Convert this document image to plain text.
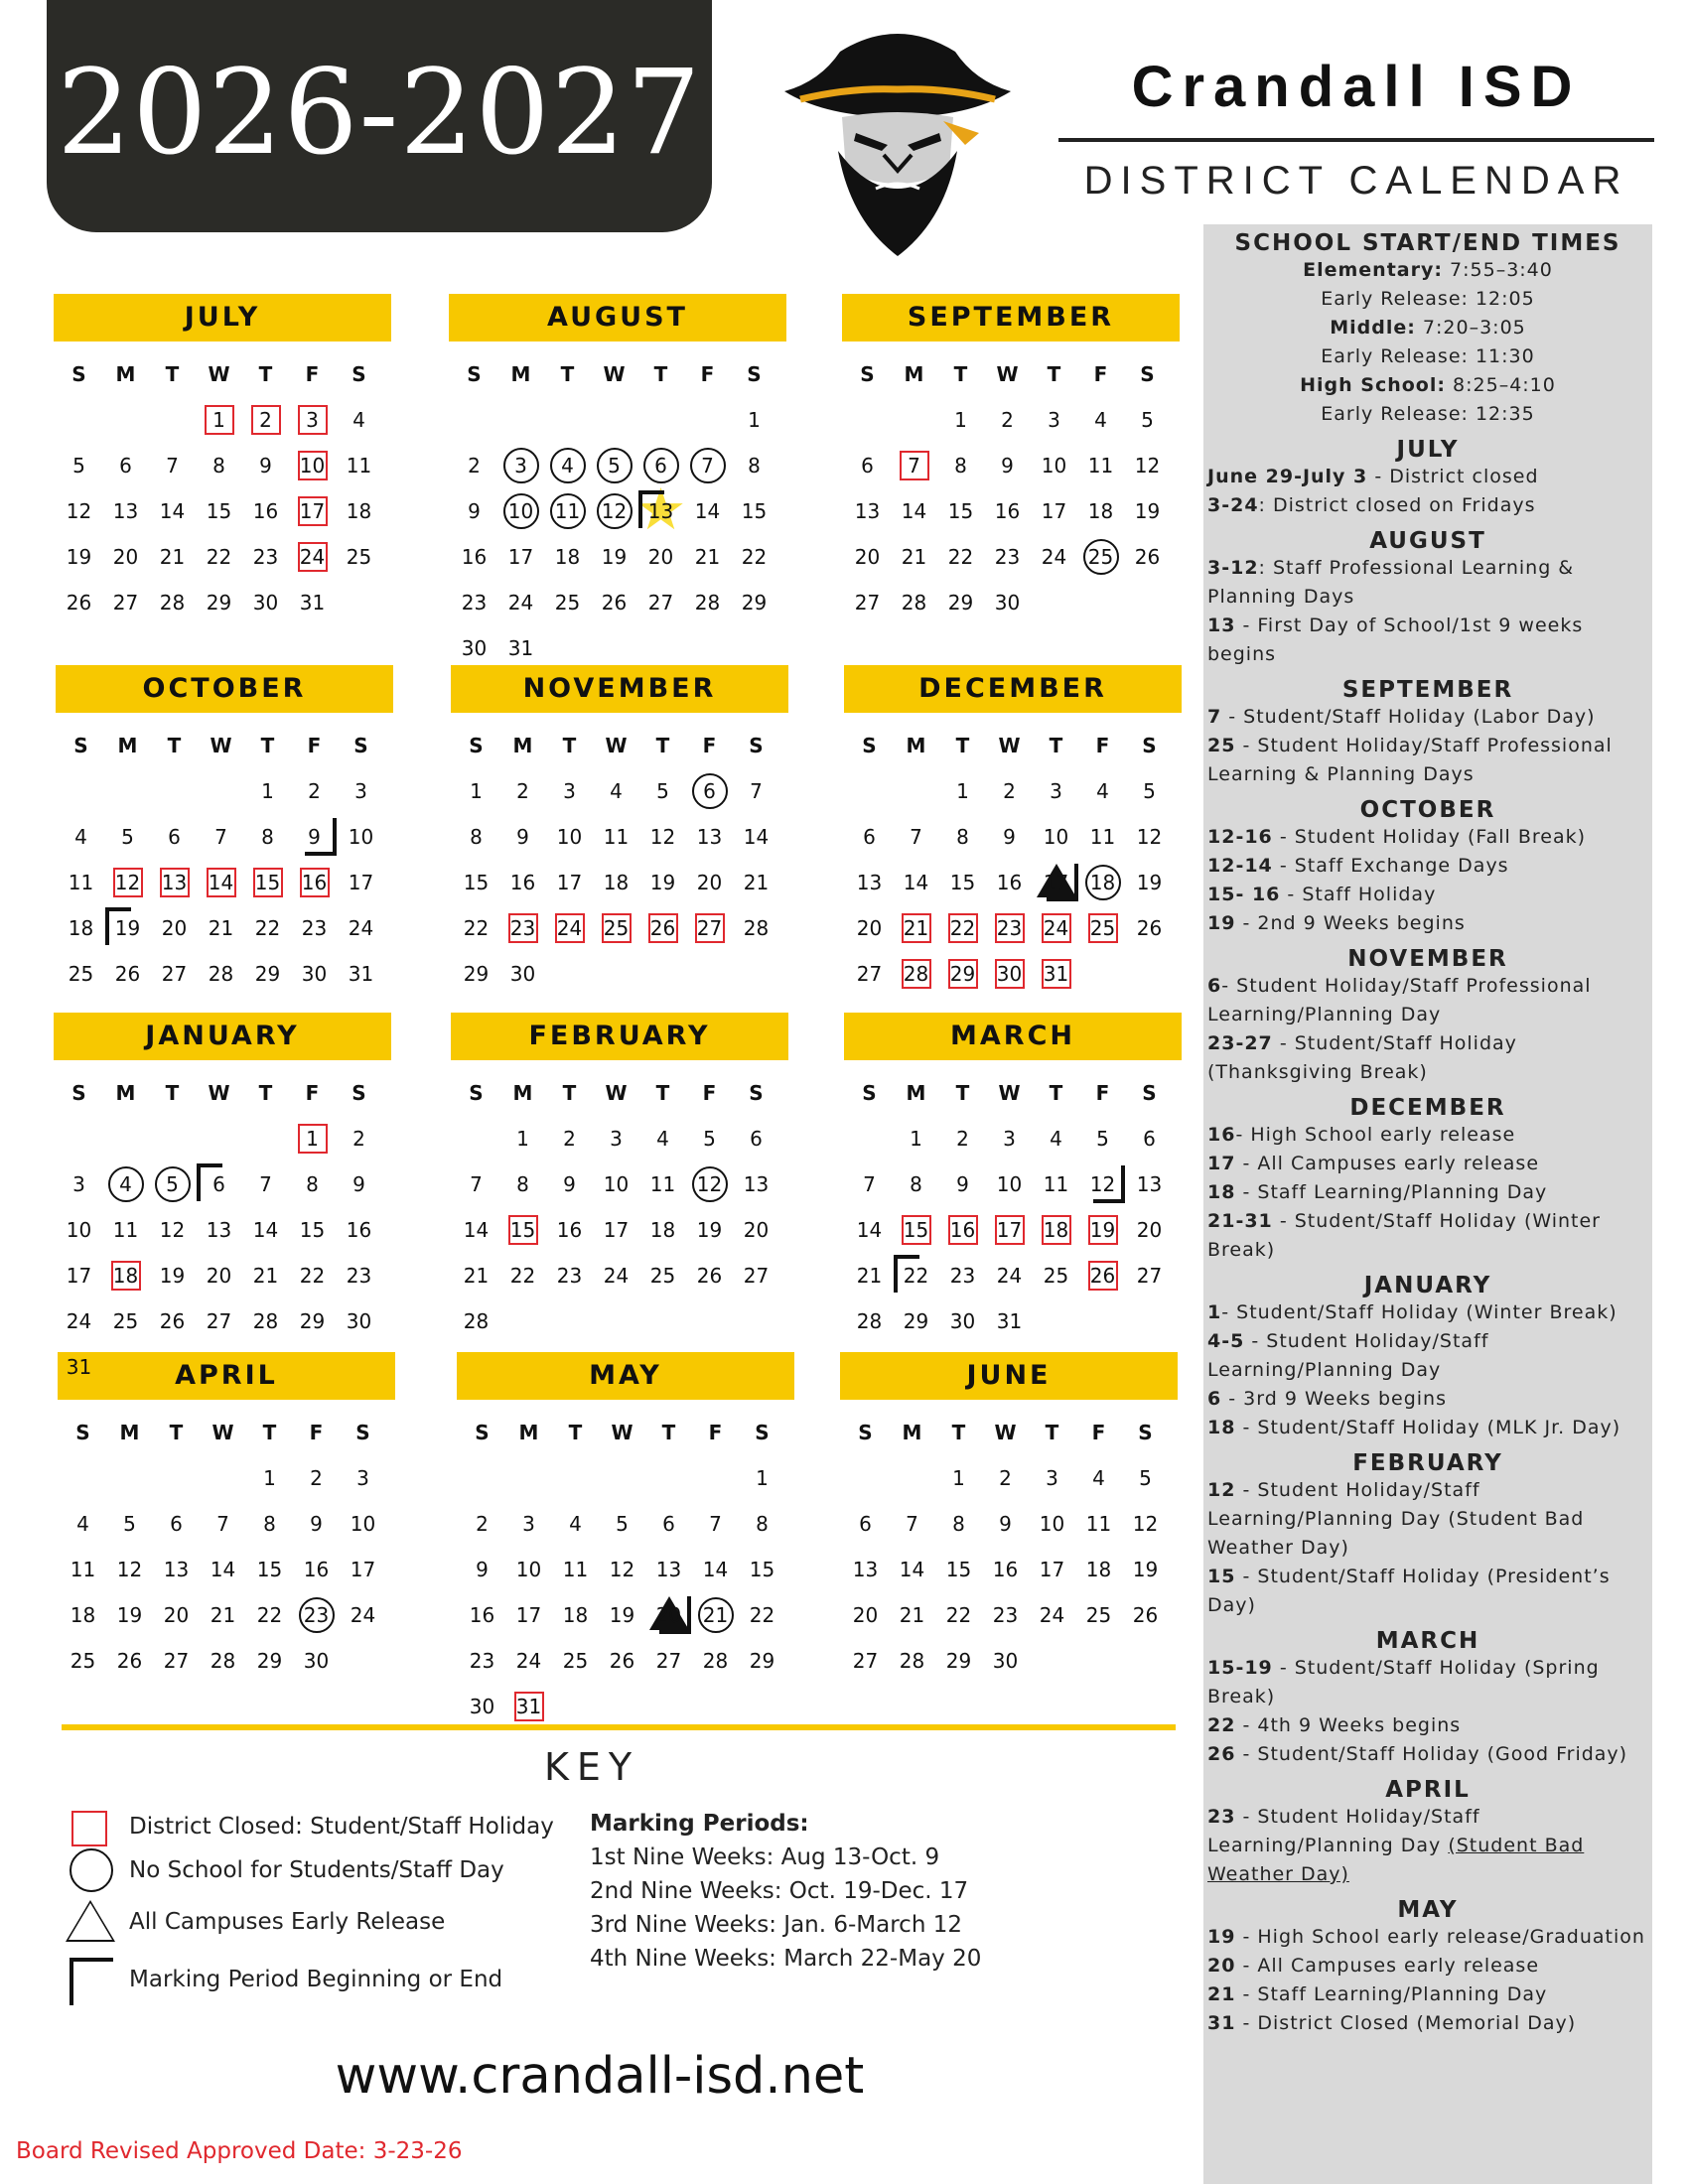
2026-2027	Crandall ISD
DISTRICT CALENDAR
JULY
S	M	T	W	T	F	S
1 2 3 4
5 6 7 8 9 10 11
12 13 14 15 16 17 18
19 20 21 22 23 24 25
26 27 28 29 30 31
AUGUST
S	M	T	W	T	F	S
1
2 3 4 5 6 7 8
9 10 11 12
★ 13 14 15
16 17 18 19 20 21 22
23 24 25 26 27 28 29
30 31
SEPTEMBER
S	M	T	W	T	F	S
1 2 3 4 5
6 7 8 9 10 11 12
13 14 15 16 17 18 19
20 21 22 23 24 25 26
27 28 29 30
OCTOBER
S	M	T	W	T	F	S
1 2 3
4 5 6 7 8 9 10
11 12 13 14 15 16 17
18 19 20 21 22 23 24
25 26 27 28 29 30 31
NOVEMBER
S	M	T	W	T	F	S
1 2 3 4 5 6 7
8 9 10 11 12 13 14
15 16 17 18 19 20 21
22 23 24 25 26 27 28
29 30
DECEMBER
S	M	T	W	T	F	S
1 2 3 4 5
6 7 8 9 10 11 12
13 14 15 16 17 18 19
20 21 22 23 24 25 26
27 28 29 30 31
JANUARY
S	M	T	W	T	F	S
1 2
3 4 5 6 7 8 9
10 11 12 13 14 15 16
17 18 19 20 21 22 23
24 25 26 27 28 29 30
31
FEBRUARY
S	M	T	W	T	F	S
1 2 3 4 5 6
7 8 9 10 11 12 13
14 15 16 17 18 19 20
21 22 23 24 25 26 27
28
MARCH
S	M	T	W	T	F	S
1 2 3 4 5 6
7 8 9 10 11 12 13
14 15 16 17 18 19 20
21 22 23 24 25 26 27
28 29 30 31
APRIL
S	M	T	W	T	F	S
1 2 3
4 5 6 7 8 9 10
11 12 13 14 15 16 17
18 19 20 21 22 23 24
25 26 27 28 29 30
MAY
S	M	T	W	T	F	S
1
2 3 4 5 6 7 8
9 10 11 12 13 14 15
16 17 18 19 20 21 22
23 24 25 26 27 28 29
30 31
JUNE
S	M	T	W	T	F	S
1 2 3 4 5
6 7 8 9 10 11 12
13 14 15 16 17 18 19
20 21 22 23 24 25 26
27 28 29 30

SCHOOL START/END TIMES

Elementary: 7:55–3:40

Early Release: 12:05

Middle: 7:20–3:05

Early Release: 11:30

High School: 8:25–4:10

Early Release: 12:35

JULY

June 29-July 3 - District closed

3-24: District closed on Fridays

AUGUST

3-12: Staff Professional Learning & Planning Days

13 - First Day of School/1st 9 weeks begins

SEPTEMBER

7 - Student/Staff Holiday (Labor Day)

25 - Student Holiday/Staff Professional Learning & Planning Days

OCTOBER

12-16 - Student Holiday (Fall Break)

12-14 - Staff Exchange Days

15- 16 - Staff Holiday

19 - 2nd 9 Weeks begins

NOVEMBER

6- Student Holiday/Staff Professional Learning/Planning Day

23-27 - Student/Staff Holiday (Thanksgiving Break)

DECEMBER

16- High School early release

17 - All Campuses early release

18 - Staff Learning/Planning Day

21-31 - Student/Staff Holiday (Winter Break)

JANUARY

1- Student/Staff Holiday (Winter Break)

4-5 - Student Holiday/Staff Learning/Planning Day

6 - 3rd 9 Weeks begins

18 - Student/Staff Holiday (MLK Jr. Day)

FEBRUARY

12 - Student Holiday/Staff Learning/Planning Day (Student Bad Weather Day)

15 - Student/Staff Holiday (President’s Day)

MARCH

15-19 - Student/Staff Holiday (Spring Break)

22 - 4th 9 Weeks begins

26 - Student/Staff Holiday (Good Friday)

APRIL

23 - Student Holiday/Staff Learning/Planning Day (Student Bad Weather Day)

MAY

19 - High School early release/Graduation

20 - All Campuses early release

21 - Staff Learning/Planning Day

31 - District Closed (Memorial Day)

KEY
District Closed: Student/Staff Holiday
No School for Students/Staff Day
All Campuses Early Release
Marking Period Beginning or End
Marking Periods:
1st Nine Weeks: Aug 13-Oct. 9
2nd Nine Weeks: Oct. 19-Dec. 17
3rd Nine Weeks: Jan. 6-March 12
4th Nine Weeks: March 22-May 20
www.crandall-isd.net
Board Revised Approved Date: 3-23-26
